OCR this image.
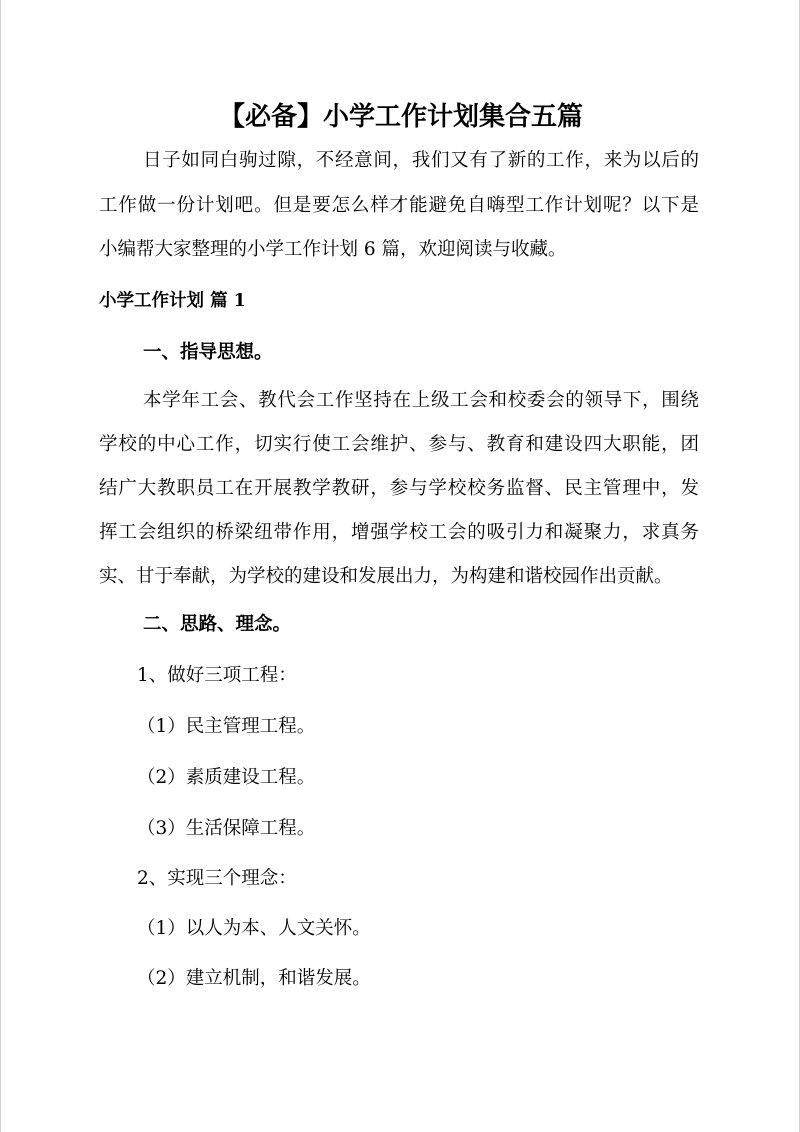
【必备】小学工作计划集合五篇
日子如同白驹过隙，不经意间，我们又有了新的工作，来为以后的
工作做一份计划吧。但是要怎么样才能避免自嗨型工作计划呢？以下是
小编帮大家整理的小学工作计划 6 篇，欢迎阅读与收藏。
小学工作计划 篇 1
一、指导思想。
本学年工会、教代会工作坚持在上级工会和校委会的领导下，围绕
学校的中心工作，切实行使工会维护、参与、教育和建设四大职能，团
结广大教职员工在开展教学教研，参与学校校务监督、民主管理中，发
挥工会组织的桥梁纽带作用，增强学校工会的吸引力和凝聚力，求真务
实、甘于奉献，为学校的建设和发展出力，为构建和谐校园作出贡献。
二、思路、理念。
1、做好三项工程：
（1）民主管理工程。
（2）素质建设工程。
（3）生活保障工程。
2、实现三个理念：
（1）以人为本、人文关怀。
（2）建立机制，和谐发展。
